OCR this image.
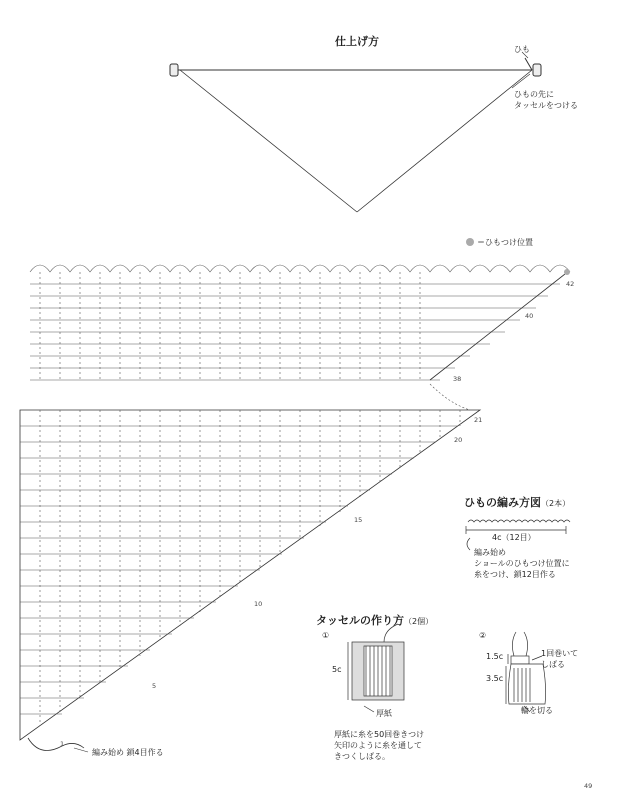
仕上げ方
ひも
ひもの先に
タッセルをつける
＝ひもつけ位置
42
40
38
21
20
15
10
5
1
編み始め 鎖4目作る
ひもの編み方図（2本）
4c（12目）
編み始め
ショールのひもつけ位置に
糸をつけ、鎖12目作る
タッセルの作り方（2個）
①	②
5c
厚紙
1.5c
3.5c
1回巻いて
しばる
輪を切る
厚紙に糸を50回巻きつけ
矢印のように糸を通して
きつくしばる。
49
